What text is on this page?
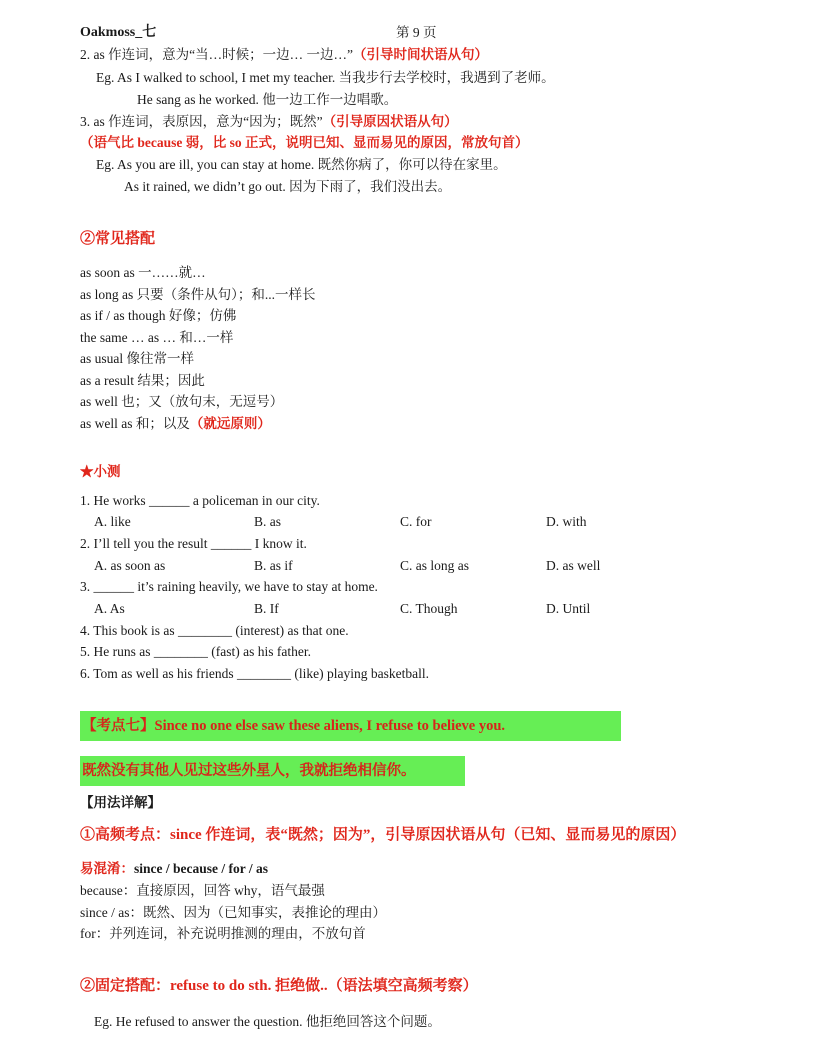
Oakmoss_七	第 9 页
2. as 作连词，意为“当…时候；一边… 一边…”（引导时间状语从句）
Eg. As I walked to school, I met my teacher. 当我步行去学校时，我遇到了老师。
He sang as he worked. 他一边工作一边唱歌。
3. as 作连词，表原因，意为“因为；既然”（引导原因状语从句）
（语气比 because 弱，比 so 正式，说明已知、显而易见的原因，常放句首）
Eg. As you are ill, you can stay at home. 既然你病了，你可以待在家里。
As it rained, we didn’t go out. 因为下雨了，我们没出去。
②常见搭配
as soon as 一……就…
as long as 只要（条件从句）；和...一样长
as if / as though 好像；仿佛
the same … as … 和…一样
as usual 像往常一样
as a result 结果；因此
as well 也；又（放句末，无逗号）
as well as 和；以及（就远原则）
★小测
1. He works ______ a policeman in our city.
A. like	B. as	C. for	D. with
2. I’ll tell you the result ______ I know it.
A. as soon as	B. as if	C. as long as	D. as well
3. ______ it’s raining heavily, we have to stay at home.
A. As	B. If	C. Though	D. Until
4. This book is as ________ (interest) as that one.
5. He runs as ________ (fast) as his father.
6. Tom as well as his friends ________ (like) playing basketball.
【考点七】Since no one else saw these aliens, I refuse to believe you.
既然没有其他人见过这些外星人，我就拒绝相信你。
【用法详解】
①高频考点：since 作连词，表“既然；因为”，引导原因状语从句（已知、显而易见的原因）
易混淆：since / because / for / as
because：直接原因，回答 why，语气最强
since / as：既然、因为（已知事实，表推论的理由）
for：并列连词，补充说明推测的理由，不放句首
②固定搭配：refuse to do sth. 拒绝做..（语法填空高频考察）
Eg. He refused to answer the question. 他拒绝回答这个问题。
